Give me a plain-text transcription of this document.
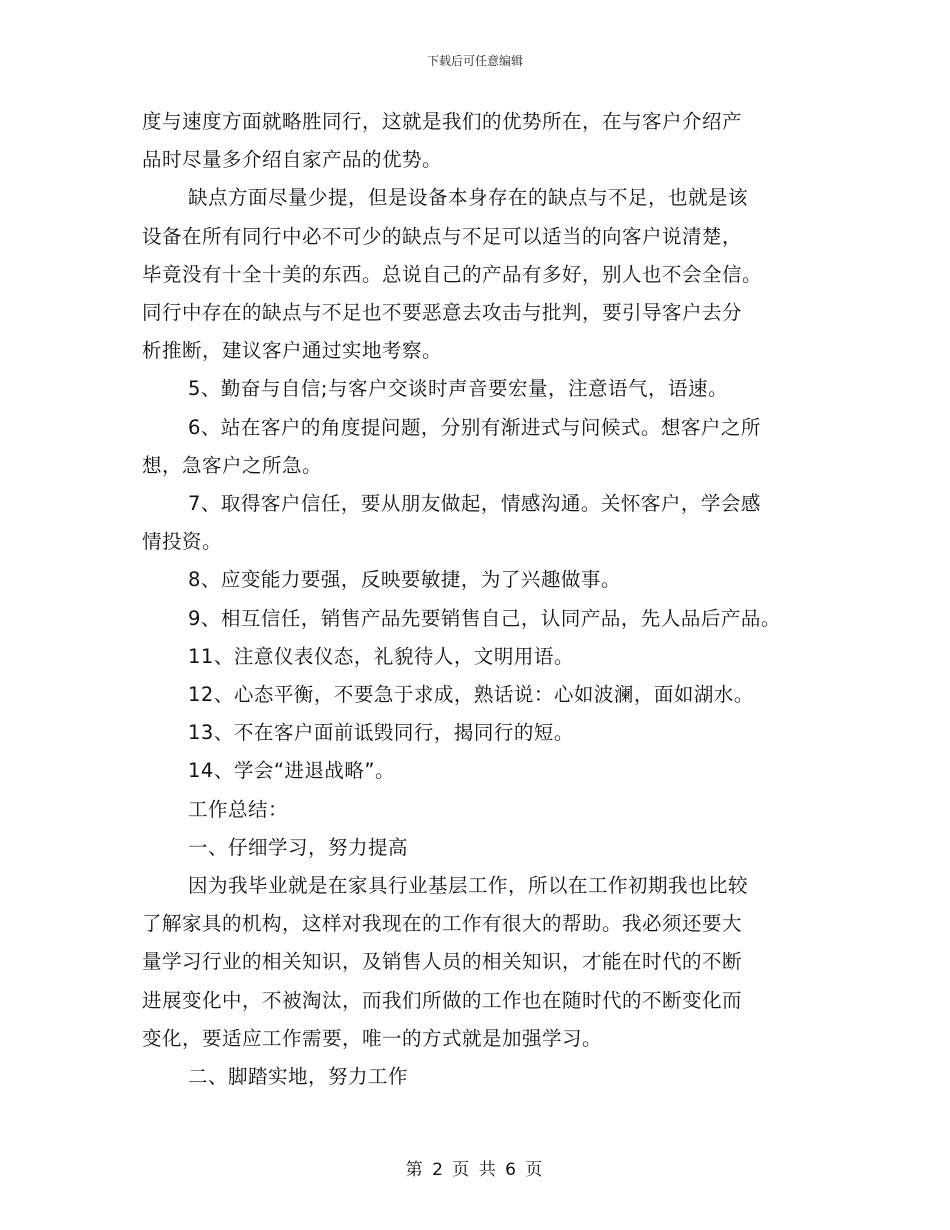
下载后可任意编辑
度与速度方面就略胜同行，这就是我们的优势所在，在与客户介绍产
品时尽量多介绍自家产品的优势。
缺点方面尽量少提，但是设备本身存在的缺点与不足，也就是该
设备在所有同行中必不可少的缺点与不足可以适当的向客户说清楚，
毕竟没有十全十美的东西。总说自己的产品有多好，别人也不会全信。
同行中存在的缺点与不足也不要恶意去攻击与批判，要引导客户去分
析推断，建议客户通过实地考察。
5、勤奋与自信;与客户交谈时声音要宏量，注意语气，语速。
6、站在客户的角度提问题，分别有渐进式与问候式。想客户之所
想，急客户之所急。
7、取得客户信任，要从朋友做起，情感沟通。关怀客户，学会感
情投资。
8、应变能力要强，反映要敏捷，为了兴趣做事。
9、相互信任，销售产品先要销售自己，认同产品，先人品后产品。
11、注意仪表仪态，礼貌待人，文明用语。
12、心态平衡，不要急于求成，熟话说：心如波澜，面如湖水。
13、不在客户面前诋毁同行，揭同行的短。
14、学会“进退战略”。
工作总结：
一、仔细学习，努力提高
因为我毕业就是在家具行业基层工作，所以在工作初期我也比较
了解家具的机构，这样对我现在的工作有很大的帮助。我必须还要大
量学习行业的相关知识，及销售人员的相关知识，才能在时代的不断
进展变化中，不被淘汰，而我们所做的工作也在随时代的不断变化而
变化，要适应工作需要，唯一的方式就是加强学习。
二、脚踏实地，努力工作
第 2 页 共 6 页
